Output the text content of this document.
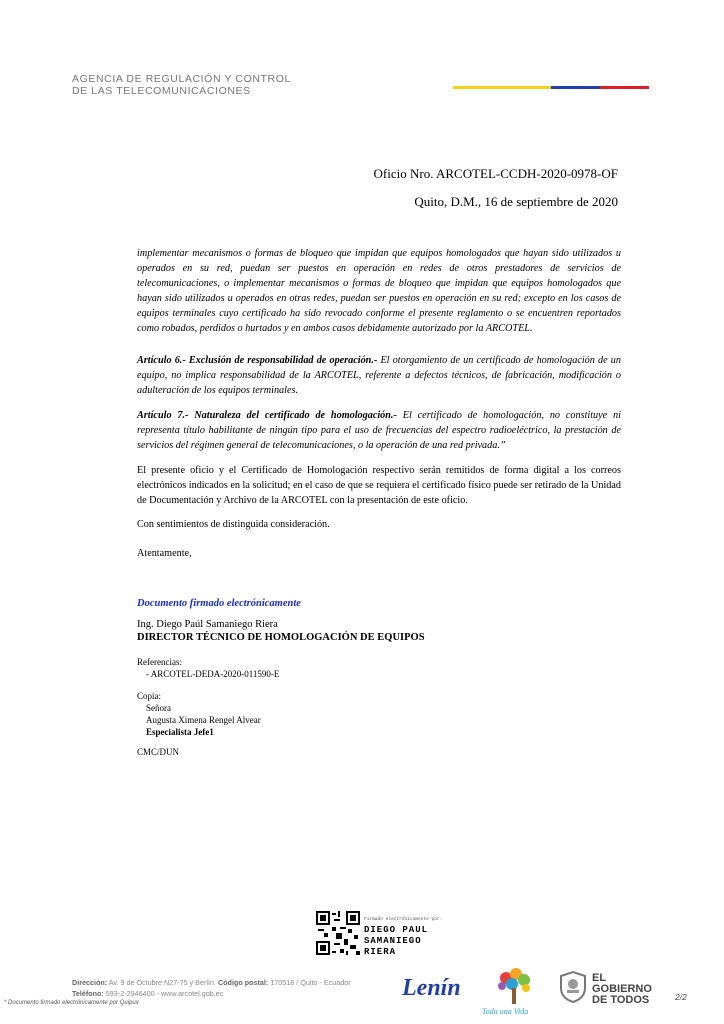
AGENCIA DE REGULACIÓN Y CONTROL
DE LAS TELECOMUNICACIONES
Oficio Nro. ARCOTEL-CCDH-2020-0978-OF
Quito, D.M., 16 de septiembre de 2020
implementar mecanismos o formas de bloqueo que impidan que equipos homologados que hayan sido utilizados u operados en su red, puedan ser puestos en operación en redes de otros prestadores de servicios de telecomunicaciones, o implementar mecanismos o formas de bloqueo que impidan que equipos homologados que hayan sido utilizados u operados en otras redes, puedan ser puestos en operación en su red; excepto en los casos de equipos terminales cuyo certificado ha sido revocado conforme el presente reglamento o se encuentren reportados como robados, perdidos o hurtados y en ambos casos debidamente autorizado por la ARCOTEL.
Artículo 6.- Exclusión de responsabilidad de operación.- El otorgamiento de un certificado de homologación de un equipo, no implica responsabilidad de la ARCOTEL, referente a defectos técnicos, de fabricación, modificación o adulteración de los equipos terminales.
Artículo 7.- Naturaleza del certificado de homologación.- El certificado de homologación, no constituye ni representa título habilitante de ningún tipo para el uso de frecuencias del espectro radioeléctrico, la prestación de servicios del régimen general de telecomunicaciones, o la operación de una red privada.”
El presente oficio y el Certificado de Homologación respectivo serán remitidos de forma digital a los correos electrónicos indicados en la solicitud; en el caso de que se requiera el certificado físico puede ser retirado de la Unidad de Documentación y Archivo de la ARCOTEL con la presentación de este oficio.
Con sentimientos de distinguida consideración.
Atentamente,
Documento firmado electrónicamente
Ing. Diego Paúl Samaniego Riera
DIRECTOR TÉCNICO DE HOMOLOGACIÓN DE EQUIPOS
Referencias:
- ARCOTEL-DEDA-2020-011590-E
Copia:
Señora
Augusta Ximena Rengel Alvear
Especialista Jefe1
CMC/DUN
Firmado electrónicamente por:
DIEGO PAUL
SAMANIEGO
RIERA
Dirección: Av. 9 de Octubre N27-75 y Berlín. Código postal: 170518 / Quito - Ecuador
Teléfono: 593-2-2946400 - www.arcotel.gob.ec
* Documento firmado electrónicamente por Quipux
Lenín
Toda una Vida
EL
GOBIERNO
DE TODOS	2/2
